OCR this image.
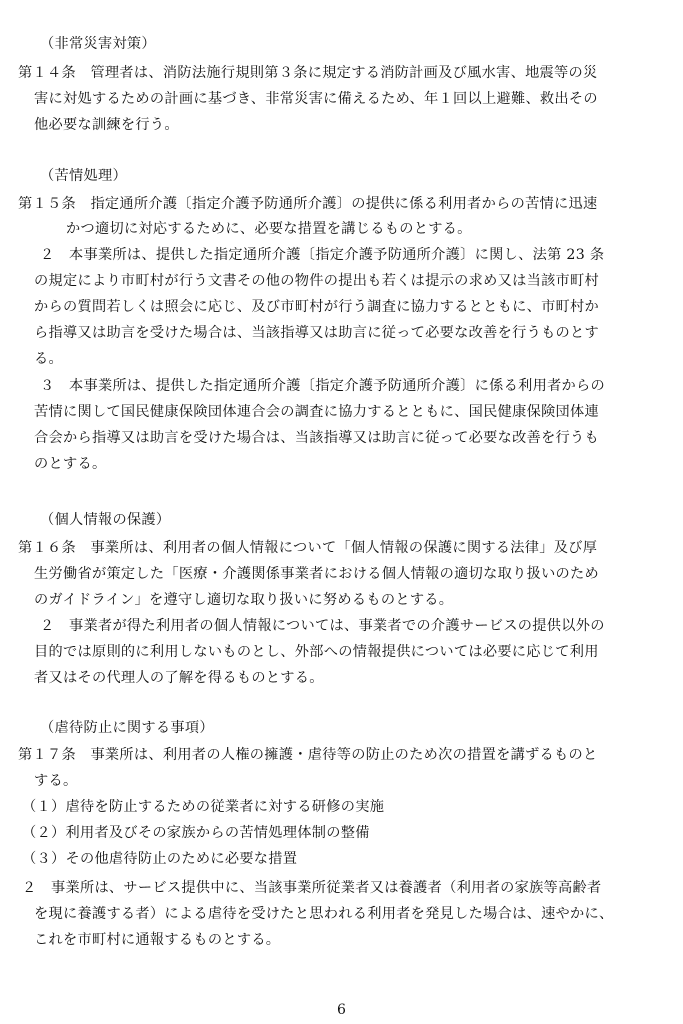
（非常災害対策）
第１４条　管理者は、消防法施行規則第３条に規定する消防計画及び風水害、地震等の災
害に対処するための計画に基づき、非常災害に備えるため、年１回以上避難、救出その
他必要な訓練を行う。
（苦情処理）
第１５条　指定通所介護〔指定介護予防通所介護〕の提供に係る利用者からの苦情に迅速
かつ適切に対応するために、必要な措置を講じるものとする。
２　本事業所は、提供した指定通所介護〔指定介護予防通所介護〕に関し、法第 23 条
の規定により市町村が行う文書その他の物件の提出も若くは提示の求め又は当該市町村
からの質問若しくは照会に応じ、及び市町村が行う調査に協力するとともに、市町村か
ら指導又は助言を受けた場合は、当該指導又は助言に従って必要な改善を行うものとす
る。
３　本事業所は、提供した指定通所介護〔指定介護予防通所介護〕に係る利用者からの
苦情に関して国民健康保険団体連合会の調査に協力するとともに、国民健康保険団体連
合会から指導又は助言を受けた場合は、当該指導又は助言に従って必要な改善を行うも
のとする。
（個人情報の保護）
第１６条　事業所は、利用者の個人情報について「個人情報の保護に関する法律」及び厚
生労働省が策定した「医療・介護関係事業者における個人情報の適切な取り扱いのため
のガイドライン」を遵守し適切な取り扱いに努めるものとする。
２　事業者が得た利用者の個人情報については、事業者での介護サービスの提供以外の
目的では原則的に利用しないものとし、外部への情報提供については必要に応じて利用
者又はその代理人の了解を得るものとする。
（虐待防止に関する事項）
第１７条　事業所は、利用者の人権の擁護・虐待等の防止のため次の措置を講ずるものと
する。
（１）虐待を防止するための従業者に対する研修の実施
（２）利用者及びその家族からの苦情処理体制の整備
（３）その他虐待防止のために必要な措置
２　事業所は、サービス提供中に、当該事業所従業者又は養護者（利用者の家族等高齢者
を現に養護する者）による虐待を受けたと思われる利用者を発見した場合は、速やかに、
これを市町村に通報するものとする。
6
